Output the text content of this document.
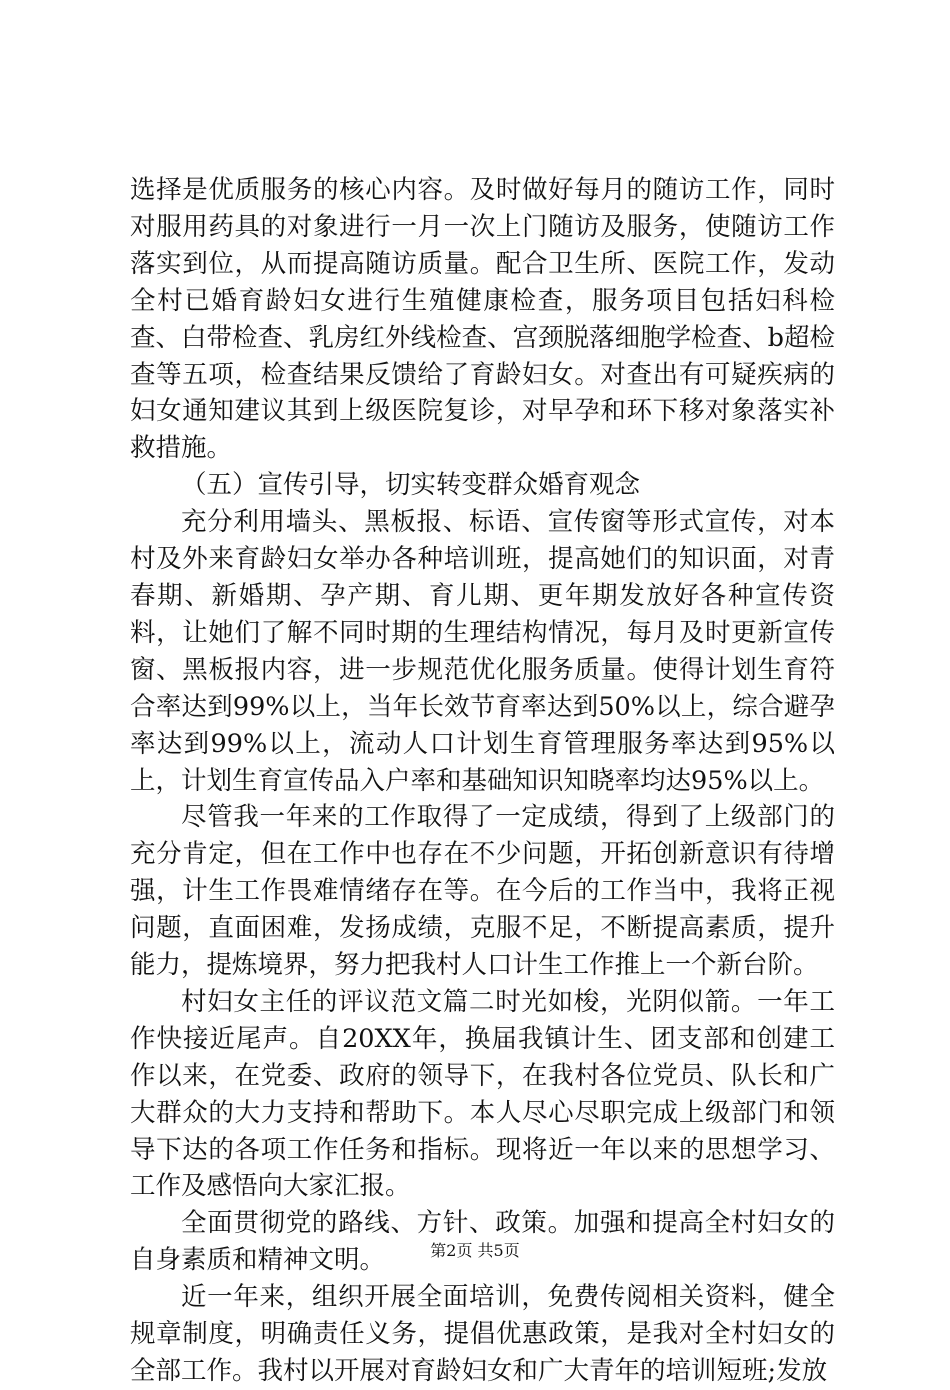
选择是优质服务的核心内容。及时做好每月的随访工作，同时对服用药具的对象进行一月一次上门随访及服务，使随访工作落实到位，从而提高随访质量。配合卫生所、医院工作，发动全村已婚育龄妇女进行生殖健康检查，服务项目包括妇科检查、白带检查、乳房红外线检查、宫颈脱落细胞学检查、b超检查等五项，检查结果反馈给了育龄妇女。对查出有可疑疾病的妇女通知建议其到上级医院复诊，对早孕和环下移对象落实补救措施。

（五）宣传引导，切实转变群众婚育观念

充分利用墙头、黑板报、标语、宣传窗等形式宣传，对本村及外来育龄妇女举办各种培训班，提高她们的知识面，对青春期、新婚期、孕产期、育儿期、更年期发放好各种宣传资料，让她们了解不同时期的生理结构情况，每月及时更新宣传窗、黑板报内容，进一步规范优化服务质量。使得计划生育符合率达到99%以上，当年长效节育率达到50%以上，综合避孕率达到99%以上，流动人口计划生育管理服务率达到95%以上，计划生育宣传品入户率和基础知识知晓率均达95%以上。

尽管我一年来的工作取得了一定成绩，得到了上级部门的充分肯定，但在工作中也存在不少问题，开拓创新意识有待增强，计生工作畏难情绪存在等。在今后的工作当中，我将正视问题，直面困难，发扬成绩，克服不足，不断提高素质，提升能力，提炼境界，努力把我村人口计生工作推上一个新台阶。

村妇女主任的评议范文篇二时光如梭，光阴似箭。一年工作快接近尾声。自20XX年，换届我镇计生、团支部和创建工作以来，在党委、政府的领导下，在我村各位党员、队长和广大群众的大力支持和帮助下。本人尽心尽职完成上级部门和领导下达的各项工作任务和指标。现将近一年以来的思想学习、工作及感悟向大家汇报。

全面贯彻党的路线、方针、政策。加强和提高全村妇女的自身素质和精神文明。

近一年来，组织开展全面培训，免费传阅相关资料，健全规章制度，明确责任义务，提倡优惠政策，是我对全村妇女的全部工作。我村以开展对育龄妇女和广大青年的培训短班;发放

第2页 共5页
